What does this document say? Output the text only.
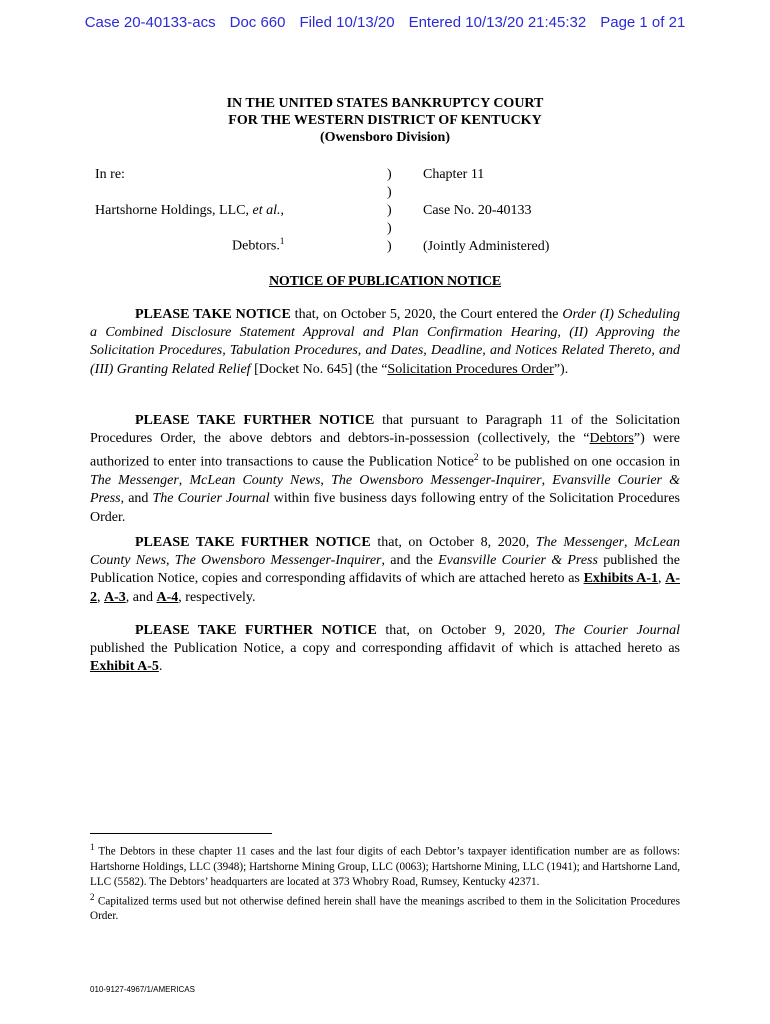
Case 20-40133-acs Doc 660 Filed 10/13/20 Entered 10/13/20 21:45:32 Page 1 of 21
IN THE UNITED STATES BANKRUPTCY COURT
FOR THE WESTERN DISTRICT OF KENTUCKY
(Owensboro Division)
In re:
Hartshorne Holdings, LLC, et al.,
Debtors.$^1$
)
)
)
)
)
Chapter 11
Case No. 20-40133
(Jointly Administered)
NOTICE OF PUBLICATION NOTICE
PLEASE TAKE NOTICE that, on October 5, 2020, the Court entered the Order (I) Scheduling a Combined Disclosure Statement Approval and Plan Confirmation Hearing, (II) Approving the Solicitation Procedures, Tabulation Procedures, and Dates, Deadline, and Notices Related Thereto, and (III) Granting Related Relief [Docket No. 645] (the “Solicitation Procedures Order”).
PLEASE TAKE FURTHER NOTICE that pursuant to Paragraph 11 of the Solicitation Procedures Order, the above debtors and debtors-in-possession (collectively, the “Debtors”) were authorized to enter into transactions to cause the Publication Notice$^2$ to be published on one occasion in The Messenger, McLean County News, The Owensboro Messenger-Inquirer, Evansville Courier & Press, and The Courier Journal within five business days following entry of the Solicitation Procedures Order.
PLEASE TAKE FURTHER NOTICE that, on October 8, 2020, The Messenger, McLean County News, The Owensboro Messenger-Inquirer, and the Evansville Courier & Press published the Publication Notice, copies and corresponding affidavits of which are attached hereto as Exhibits A-1, A-2, A-3, and A-4, respectively.
PLEASE TAKE FURTHER NOTICE that, on October 9, 2020, The Courier Journal published the Publication Notice, a copy and corresponding affidavit of which is attached hereto as Exhibit A-5.
$^1$ The Debtors in these chapter 11 cases and the last four digits of each Debtor’s taxpayer identification number are as follows: Hartshorne Holdings, LLC (3948); Hartshorne Mining Group, LLC (0063); Hartshorne Mining, LLC (1941); and Hartshorne Land, LLC (5582). The Debtors’ headquarters are located at 373 Whobry Road, Rumsey, Kentucky 42371.
$^2$ Capitalized terms used but not otherwise defined herein shall have the meanings ascribed to them in the Solicitation Procedures Order.
010-9127-4967/1/AMERICAS
